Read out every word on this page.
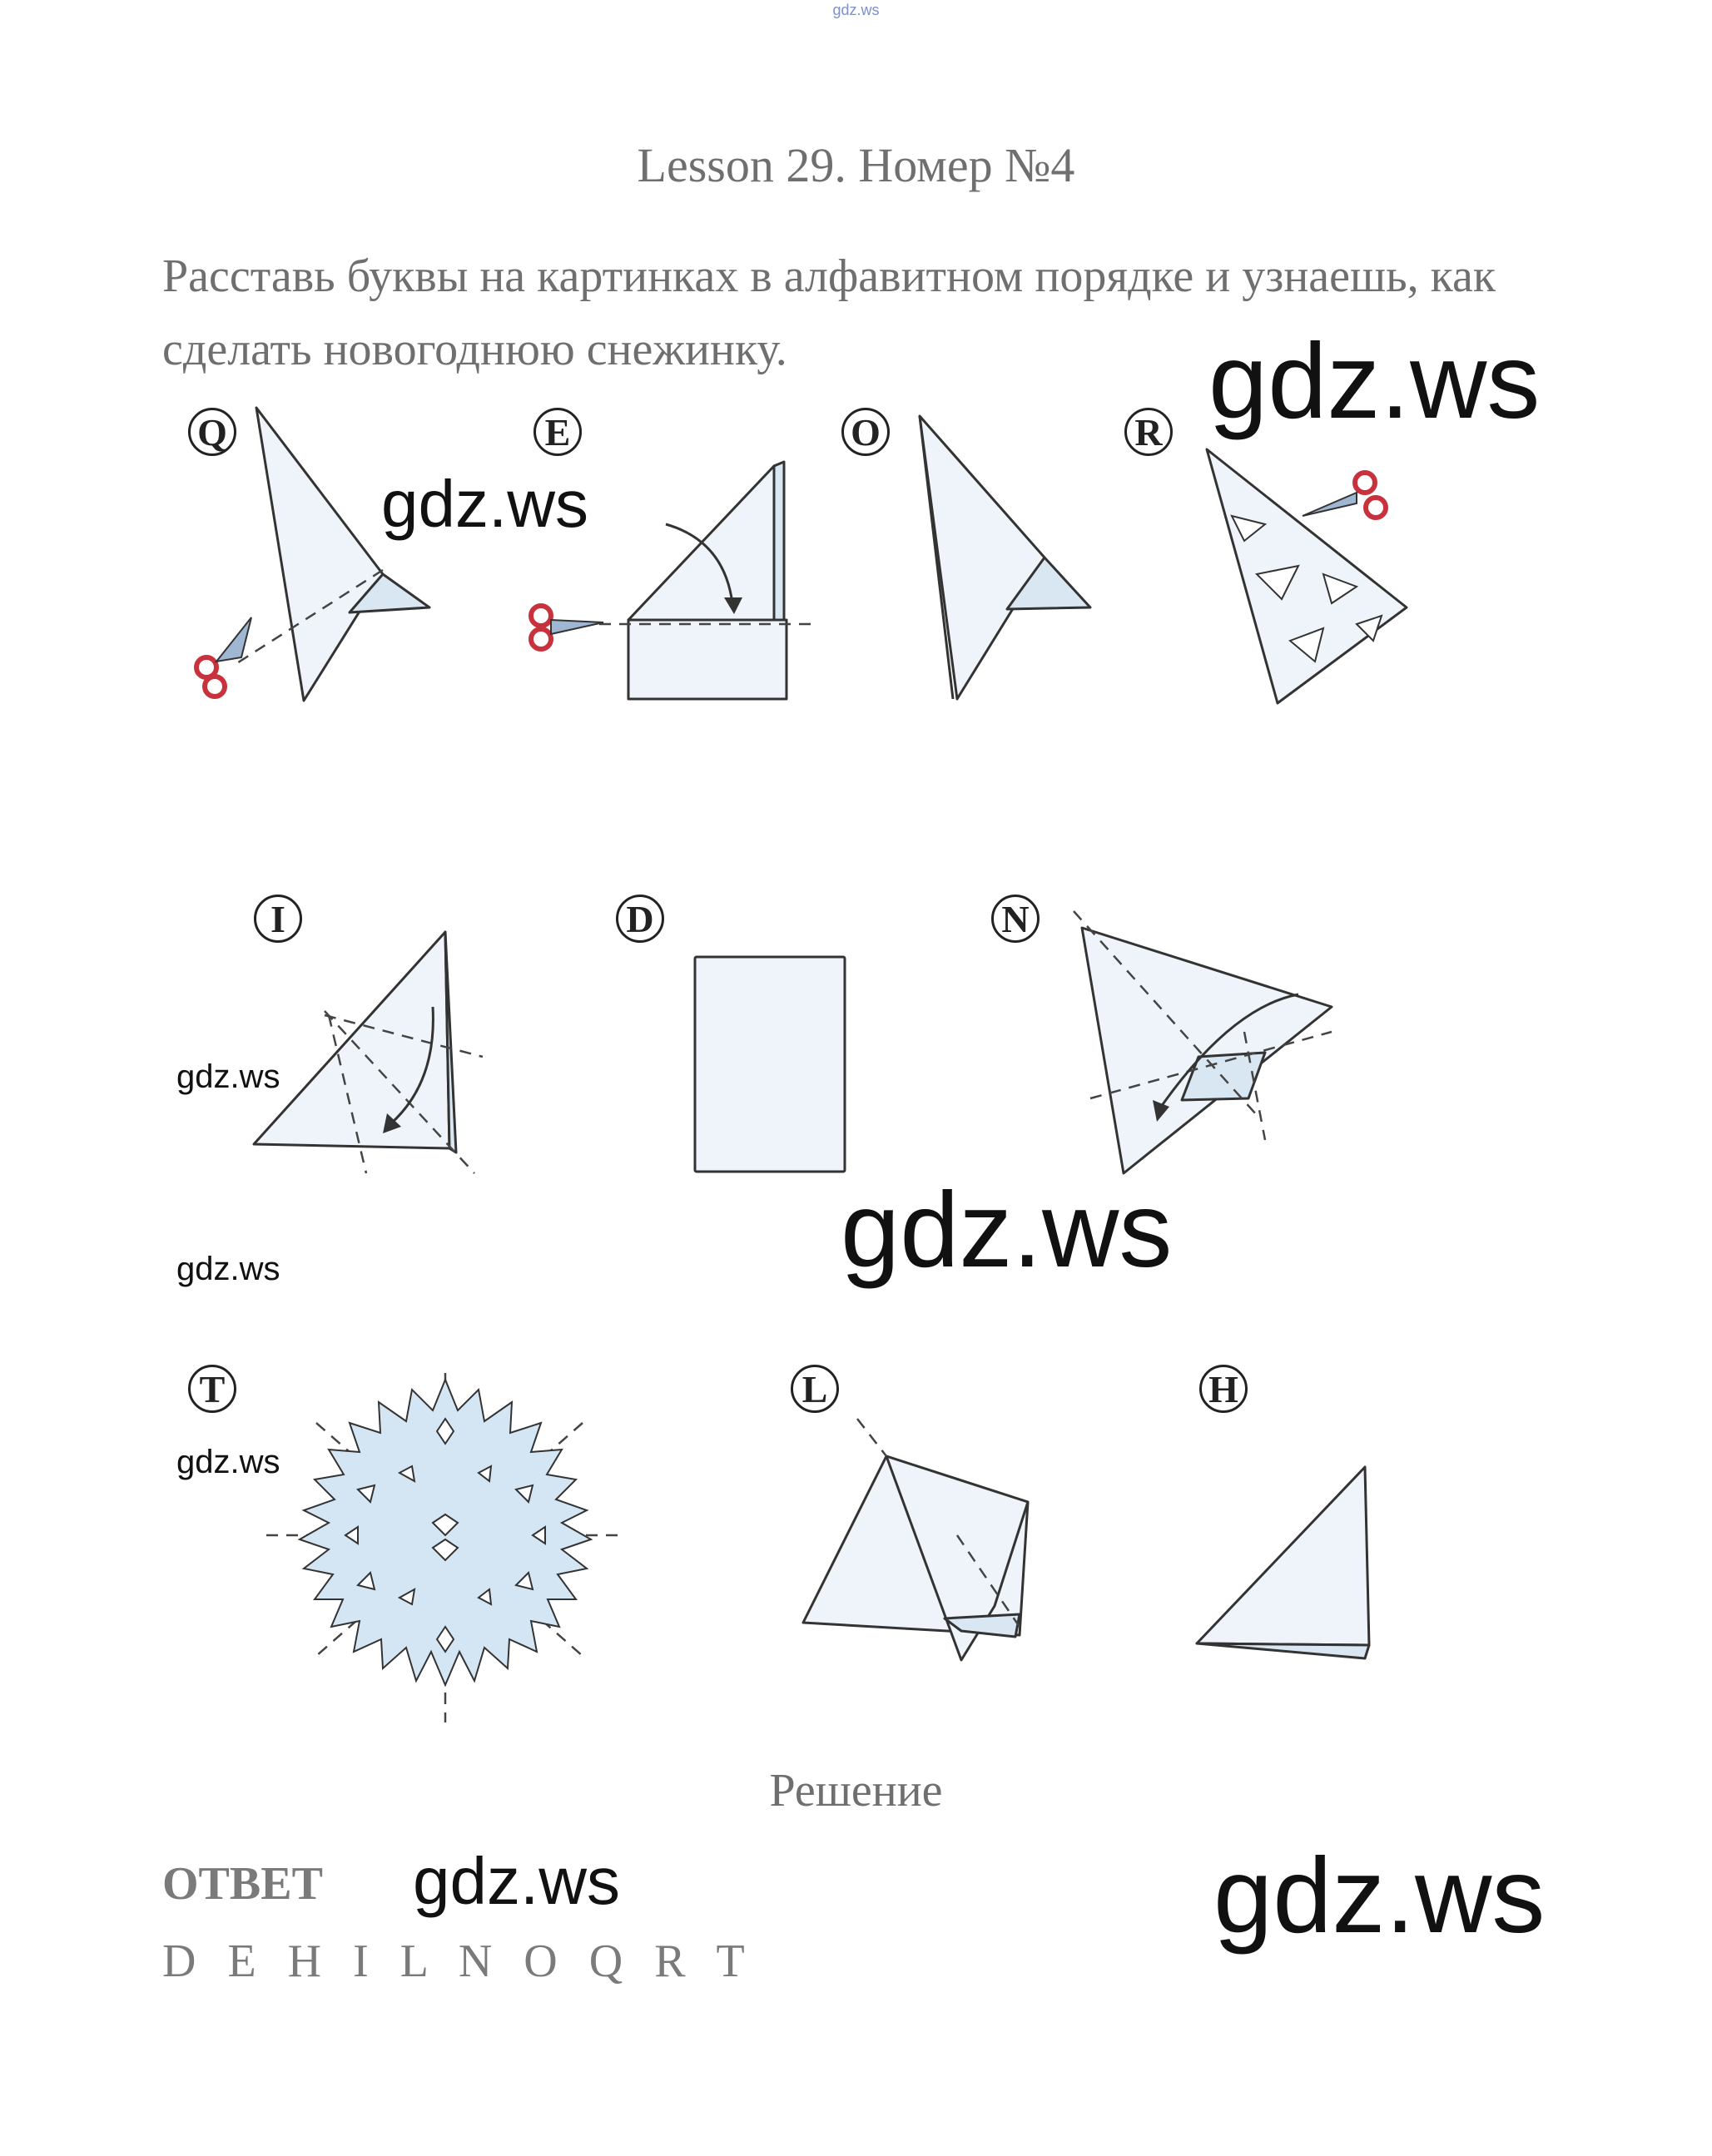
gdz.ws
Lesson 29. Номер №4
Расставь буквы на картинках в алфавитном порядке и узнаешь, как сделать новогоднюю снежинку.
Q	E	O	R
I	D	N
T	L	H
gdz.ws
gdz.ws
gdz.ws
gdz.ws
gdz.ws
gdz.ws
gdz.ws	gdz.ws
Решение
ОТВЕТ
D E H I L N O Q R T
